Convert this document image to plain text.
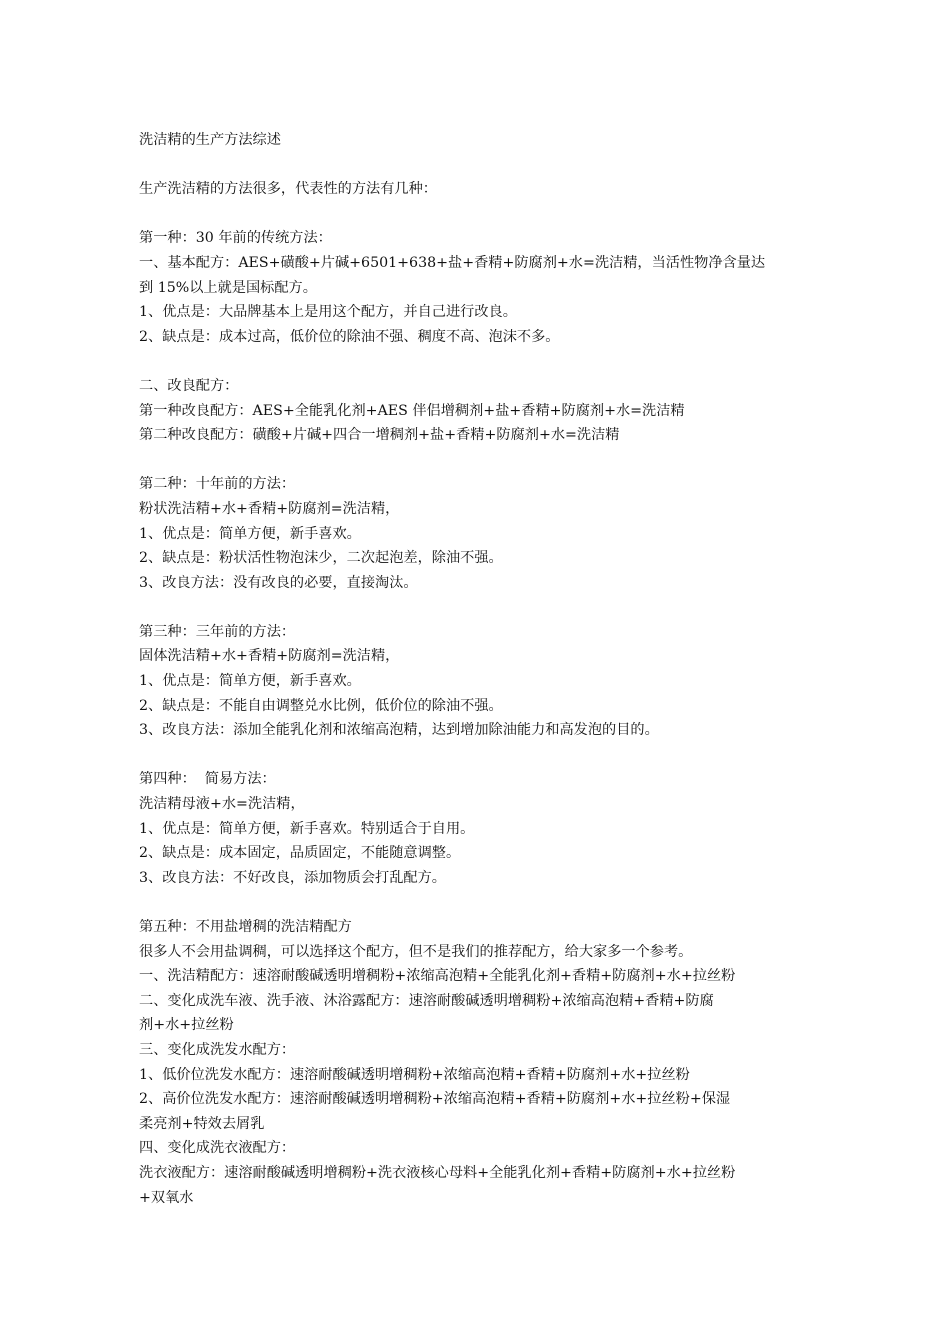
洗洁精的生产方法综述
生产洗洁精的方法很多，代表性的方法有几种：
第一种：30 年前的传统方法：
一、基本配方：AES+磺酸+片碱+6501+638+盐+香精+防腐剂+水=洗洁精，当活性物净含量达
到 15%以上就是国标配方。
1、优点是：大品牌基本上是用这个配方，并自己进行改良。
2、缺点是：成本过高，低价位的除油不强、稠度不高、泡沫不多。
二、改良配方：
第一种改良配方：AES+全能乳化剂+AES 伴侣增稠剂+盐+香精+防腐剂+水=洗洁精
第二种改良配方：磺酸+片碱+四合一增稠剂+盐+香精+防腐剂+水=洗洁精
第二种：十年前的方法：
粉状洗洁精+水+香精+防腐剂=洗洁精，
1、优点是：简单方便，新手喜欢。
2、缺点是：粉状活性物泡沫少，二次起泡差，除油不强。
3、改良方法：没有改良的必要，直接淘汰。
第三种：三年前的方法：
固体洗洁精+水+香精+防腐剂=洗洁精，
1、优点是：简单方便，新手喜欢。
2、缺点是：不能自由调整兑水比例，低价位的除油不强。
3、改良方法：添加全能乳化剂和浓缩高泡精，达到增加除油能力和高发泡的目的。
第四种：  简易方法：
洗洁精母液+水=洗洁精，
1、优点是：简单方便，新手喜欢。特别适合于自用。
2、缺点是：成本固定，品质固定，不能随意调整。
3、改良方法：不好改良，添加物质会打乱配方。
第五种：不用盐增稠的洗洁精配方
很多人不会用盐调稠，可以选择这个配方，但不是我们的推荐配方，给大家多一个参考。
一、洗洁精配方：速溶耐酸碱透明增稠粉+浓缩高泡精+全能乳化剂+香精+防腐剂+水+拉丝粉
二、变化成洗车液、洗手液、沐浴露配方：速溶耐酸碱透明增稠粉+浓缩高泡精+香精+防腐
剂+水+拉丝粉
三、变化成洗发水配方：
1、低价位洗发水配方：速溶耐酸碱透明增稠粉+浓缩高泡精+香精+防腐剂+水+拉丝粉
2、高价位洗发水配方：速溶耐酸碱透明增稠粉+浓缩高泡精+香精+防腐剂+水+拉丝粉+保湿
柔亮剂+特效去屑乳
四、变化成洗衣液配方：
洗衣液配方：速溶耐酸碱透明增稠粉+洗衣液核心母料+全能乳化剂+香精+防腐剂+水+拉丝粉
+双氧水
